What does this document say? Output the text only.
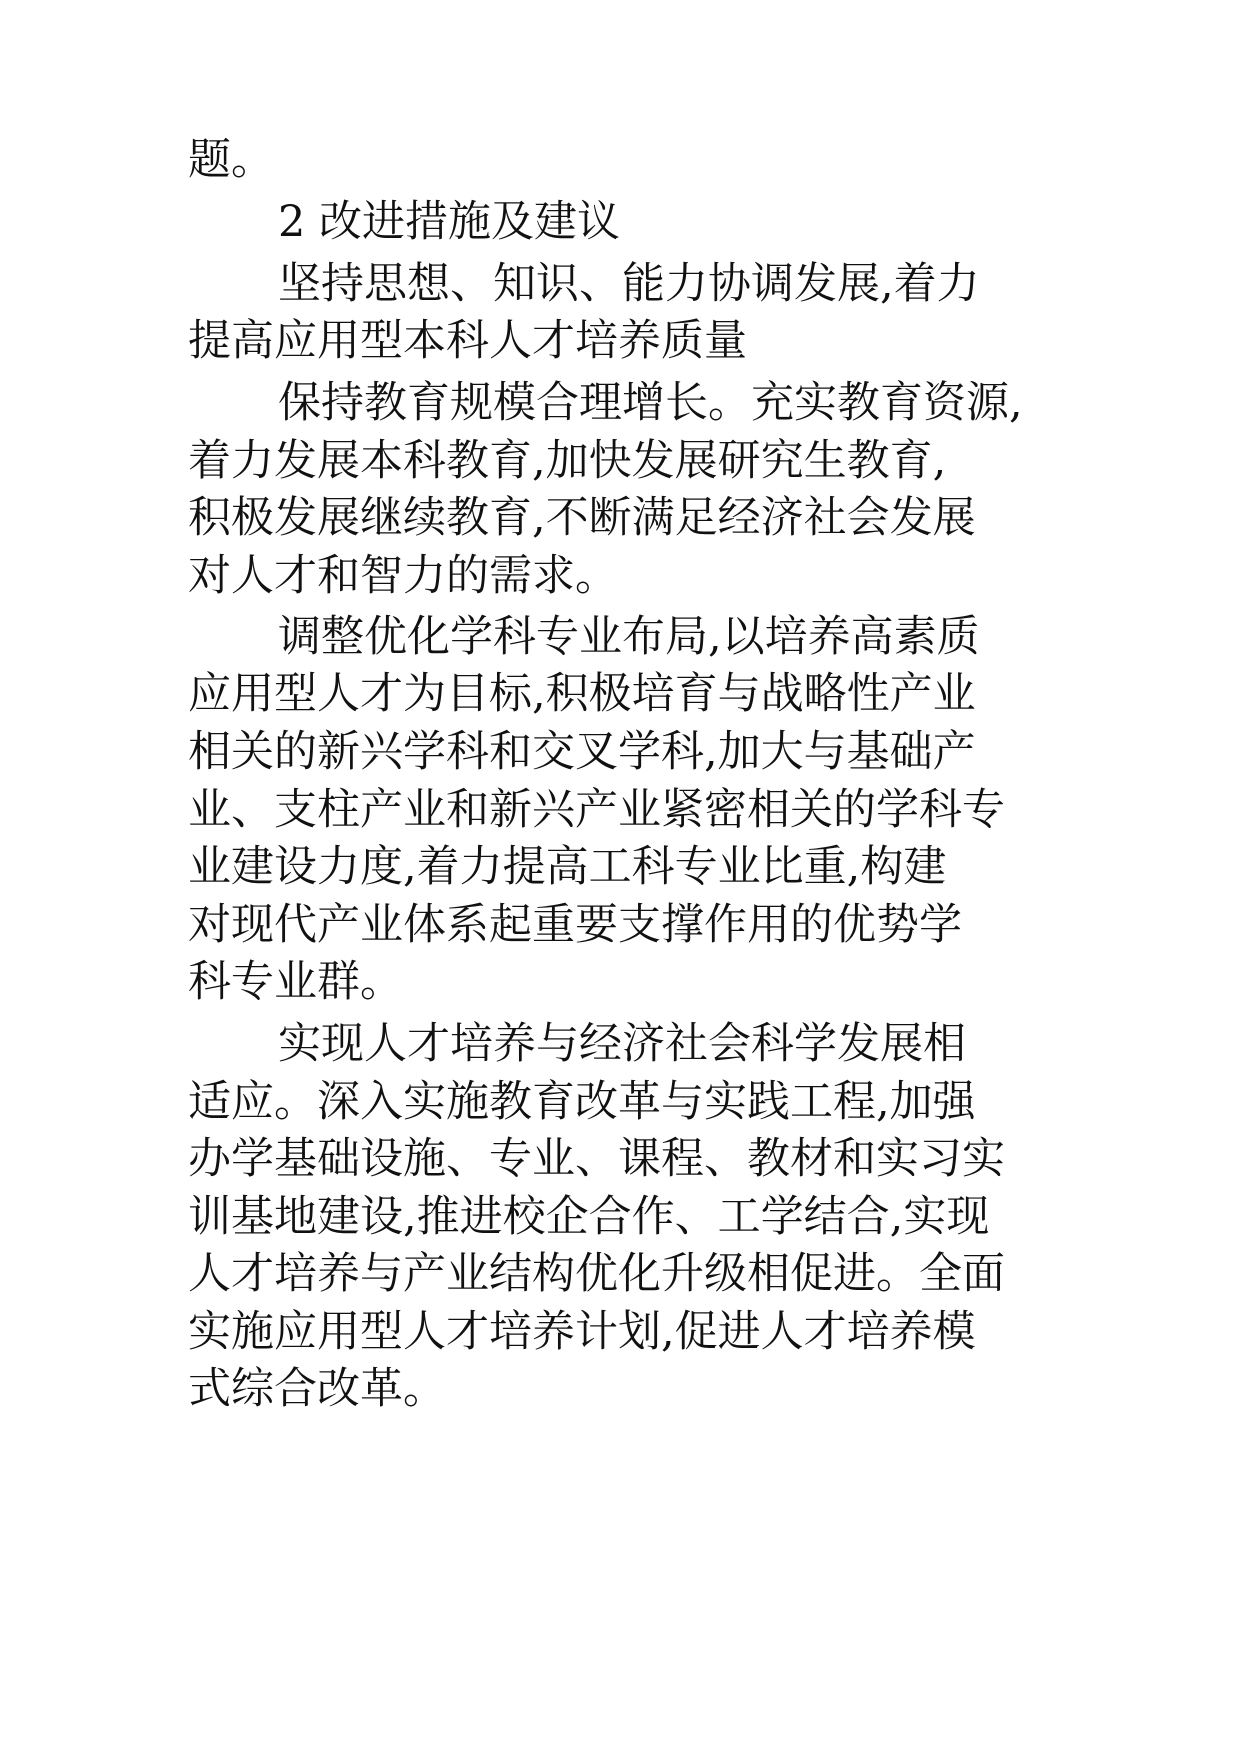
题。
2 改进措施及建议
坚持思想、知识、能力协调发展,着力
提高应用型本科人才培养质量
保持教育规模合理增长。充实教育资源,
着力发展本科教育,加快发展研究生教育,
积极发展继续教育,不断满足经济社会发展
对人才和智力的需求。
调整优化学科专业布局,以培养高素质
应用型人才为目标,积极培育与战略性产业
相关的新兴学科和交叉学科,加大与基础产
业、支柱产业和新兴产业紧密相关的学科专
业建设力度,着力提高工科专业比重,构建
对现代产业体系起重要支撑作用的优势学
科专业群。
实现人才培养与经济社会科学发展相
适应。深入实施教育改革与实践工程,加强
办学基础设施、专业、课程、教材和实习实
训基地建设,推进校企合作、工学结合,实现
人才培养与产业结构优化升级相促进。全面
实施应用型人才培养计划,促进人才培养模
式综合改革。
